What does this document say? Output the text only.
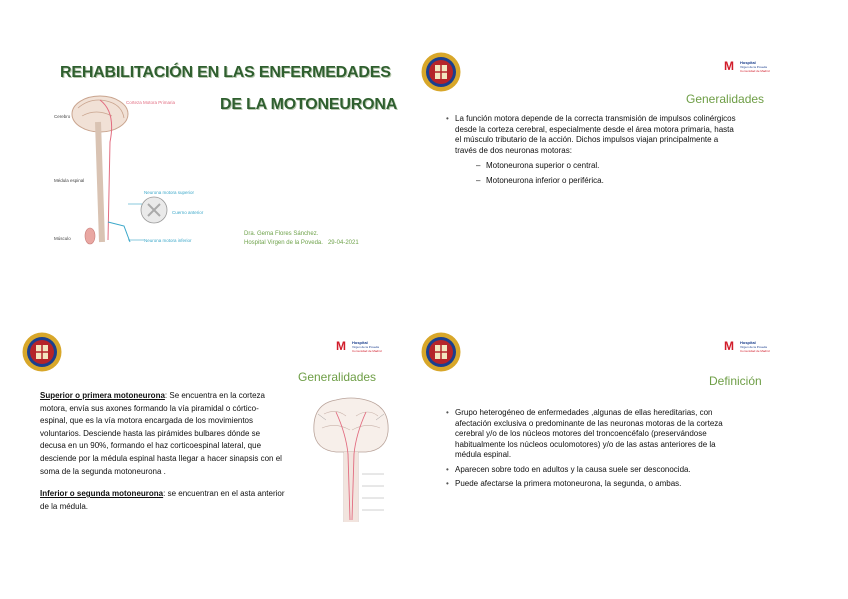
REHABILITACIÓN EN LAS ENFERMEDADES
DE LA MOTONEURONA
Cerebro
Médula espinal
Músculo
Corteza Motora Primaria
Neurona motora superior
Cuerno anterior
Neurona motora inferior
Dra. Gema Flores Sánchez.
Hospital Virgen de la Poveda. 29-04-2021
M Hospital
Virgen de la Poveda
Comunidad de Madrid
Generalidades
• La función motora depende de la correcta transmisión de impulsos colinérgicos
desde la corteza cerebral, especialmente desde el área motora primaria, hasta
el músculo tributario de la acción. Dichos impulsos viajan principalmente a
través de dos neuronas motoras:
– Motoneurona superior o central.
– Motoneurona inferior o periférica.
M Hospital
Virgen de la Poveda
Comunidad de Madrid
Generalidades
Superior o primera motoneurona: Se encuentra en la corteza
motora, envía sus axones formando la vía piramidal o córtico-
espinal, que es la vía motora encargada de los movimientos
voluntarios. Desciende hasta las pirámides bulbares dónde se
decusa en un 90%, formando el haz corticoespinal lateral, que
desciende por la médula espinal hasta llegar a hacer sinapsis con el
soma de la segunda motoneurona .
Inferior o segunda motoneurona: se encuentran en el asta anterior
de la médula.
M Hospital
Virgen de la Poveda
Comunidad de Madrid
Definición
• Grupo heterogéneo de enfermedades ,algunas de ellas hereditarias, con
afectación exclusiva o predominante de las neuronas motoras de la corteza
cerebral y/o de los núcleos motores del troncoencéfalo (preservándose
habitualmente los núcleos oculomotores) y/o de las astas anteriores de la
médula espinal.
• Aparecen sobre todo en adultos y la causa suele ser desconocida.
• Puede afectarse la primera motoneurona, la segunda, o ambas.
